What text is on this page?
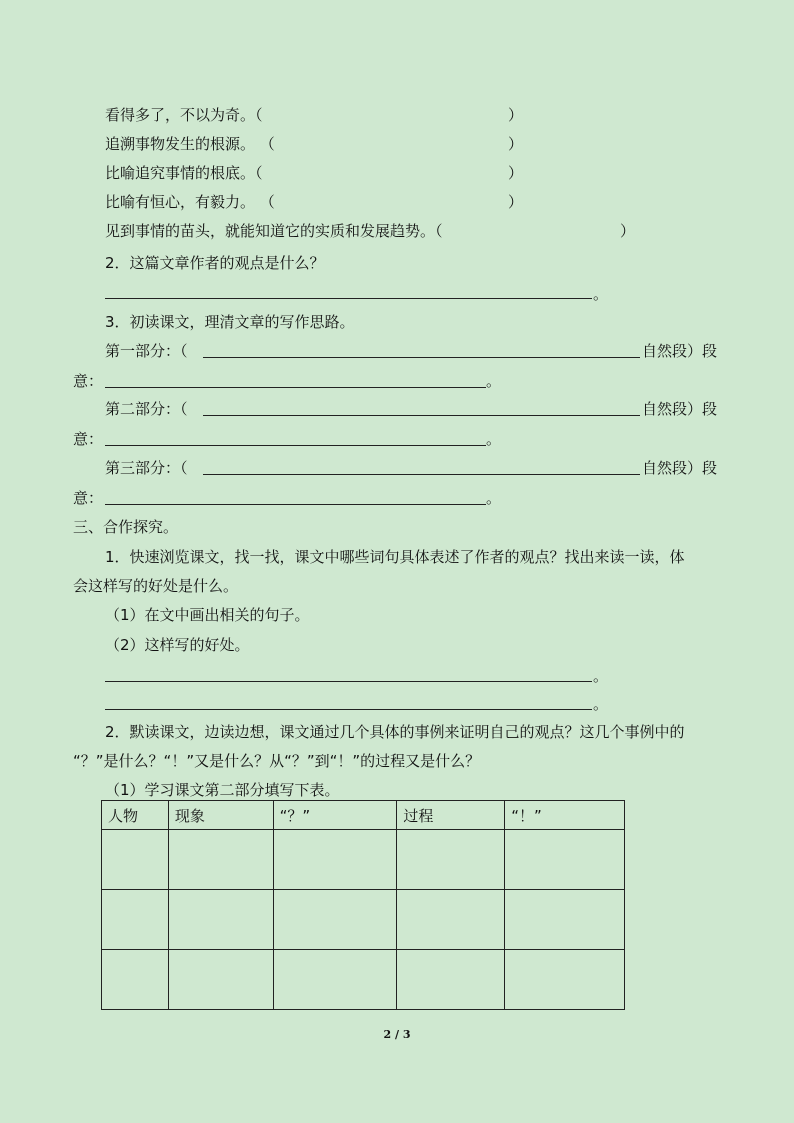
看得多了，不以为奇。（	）
追溯事物发生的根源。 （	）
比喻追究事情的根底。（	）
比喻有恒心，有毅力。 （	）
见到事情的苗头，就能知道它的实质和发展趋势。（	）
2．这篇文章作者的观点是什么？
。
3．初读课文，理清文章的写作思路。
第一部分：（	自然段）段
意：	。
第二部分：（	自然段）段
意：	。
第三部分：（	自然段）段
意：	。
三、合作探究。
1．快速浏览课文，找一找，课文中哪些词句具体表述了作者的观点？找出来读一读，体
会这样写的好处是什么。
（1）在文中画出相关的句子。
（2）这样写的好处。
。
。
2．默读课文，边读边想，课文通过几个具体的事例来证明自己的观点？这几个事例中的
“？”是什么？“！”又是什么？从“？”到“！”的过程又是什么？
（1）学习课文第二部分填写下表。
人物	现象	“？”	过程	“！”

2 / 3
